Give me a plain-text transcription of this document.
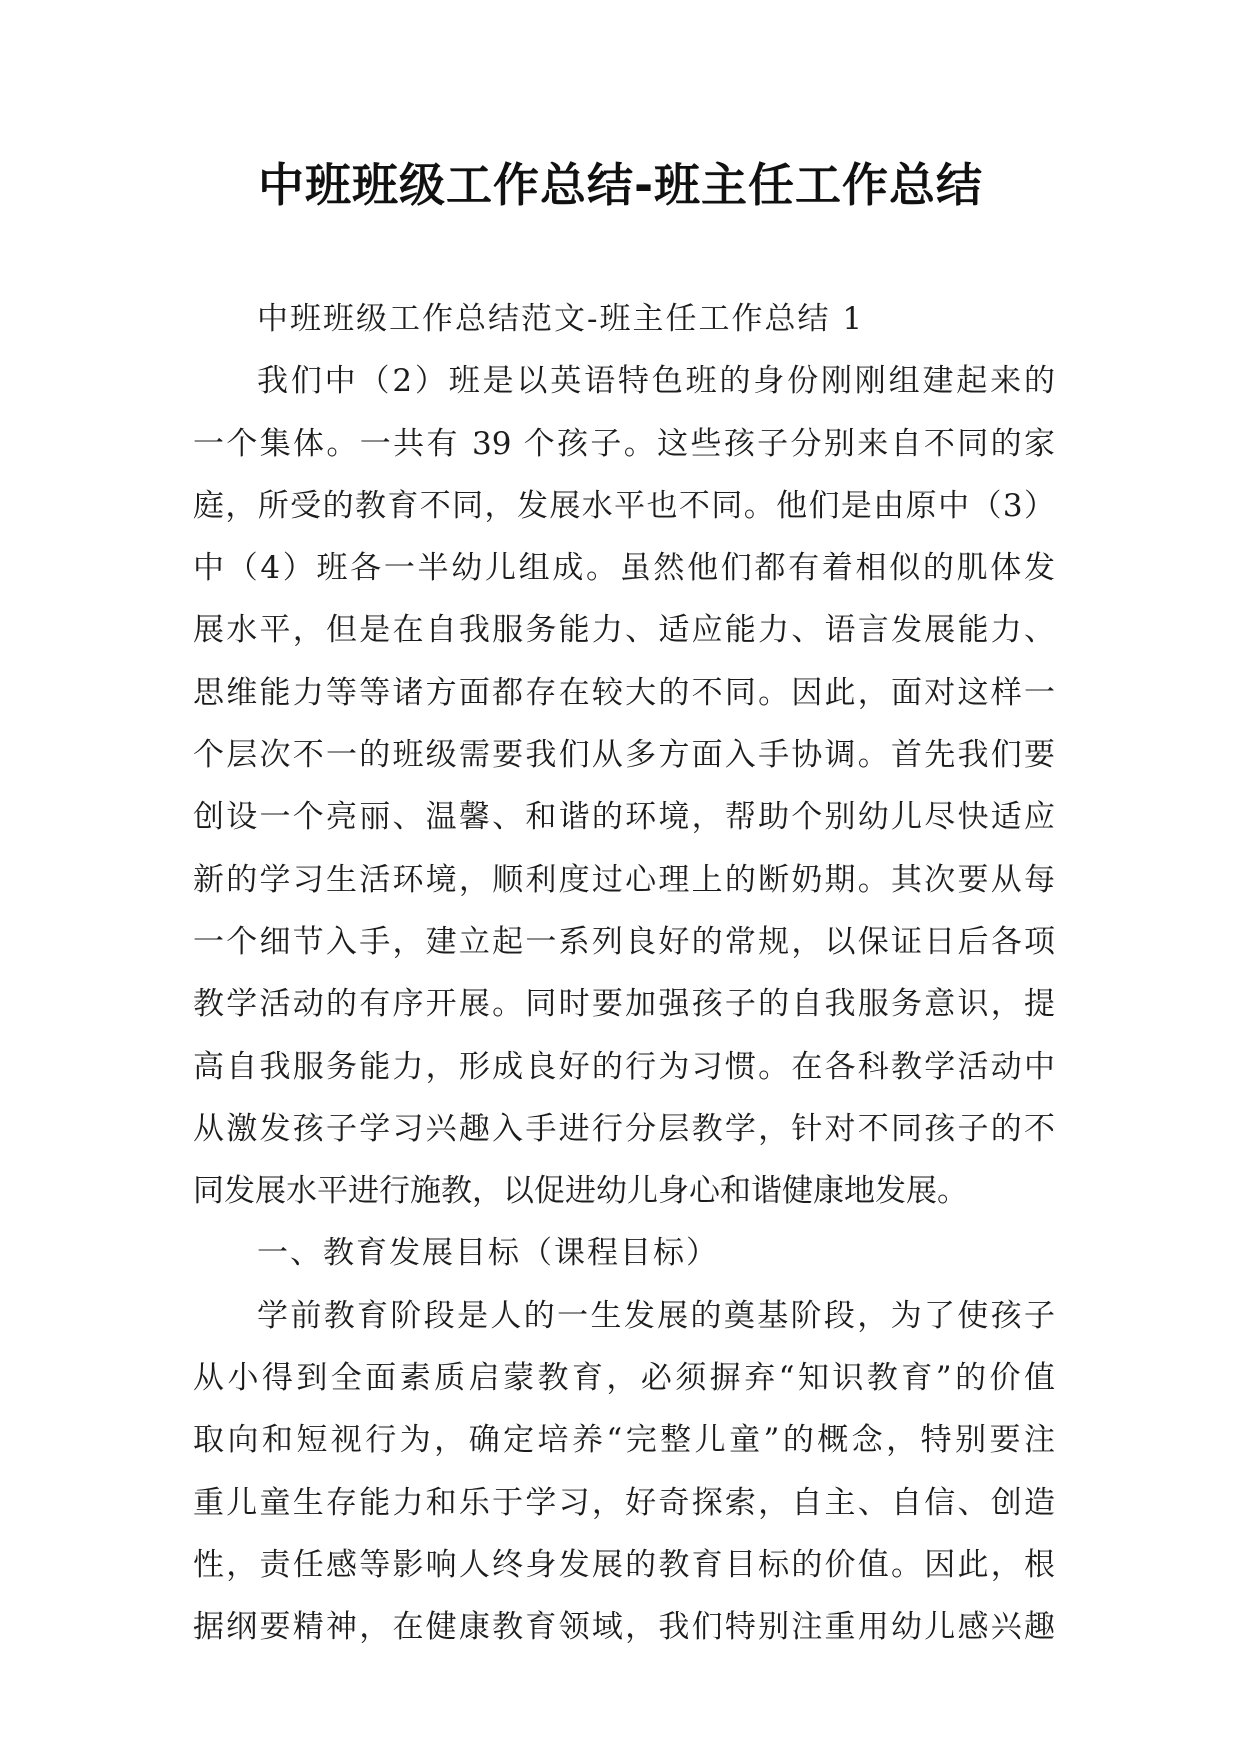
中班班级工作总结-班主任工作总结
中班班级工作总结范文-班主任工作总结 1
我们中（2）班是以英语特色班的身份刚刚组建起来的
一个集体。一共有 39 个孩子。这些孩子分别来自不同的家
庭，所受的教育不同，发展水平也不同。他们是由原中（3）
中（4）班各一半幼儿组成。虽然他们都有着相似的肌体发
展水平，但是在自我服务能力、适应能力、语言发展能力、
思维能力等等诸方面都存在较大的不同。因此，面对这样一
个层次不一的班级需要我们从多方面入手协调。首先我们要
创设一个亮丽、温馨、和谐的环境，帮助个别幼儿尽快适应
新的学习生活环境，顺利度过心理上的断奶期。其次要从每
一个细节入手，建立起一系列良好的常规，以保证日后各项
教学活动的有序开展。同时要加强孩子的自我服务意识，提
高自我服务能力，形成良好的行为习惯。在各科教学活动中
从激发孩子学习兴趣入手进行分层教学，针对不同孩子的不
同发展水平进行施教，以促进幼儿身心和谐健康地发展。
一、教育发展目标（课程目标）
学前教育阶段是人的一生发展的奠基阶段，为了使孩子
从小得到全面素质启蒙教育，必须摒弃“知识教育”的价值
取向和短视行为，确定培养“完整儿童”的概念，特别要注
重儿童生存能力和乐于学习，好奇探索，自主、自信、创造
性，责任感等影响人终身发展的教育目标的价值。因此，根
据纲要精神，在健康教育领域，我们特别注重用幼儿感兴趣
